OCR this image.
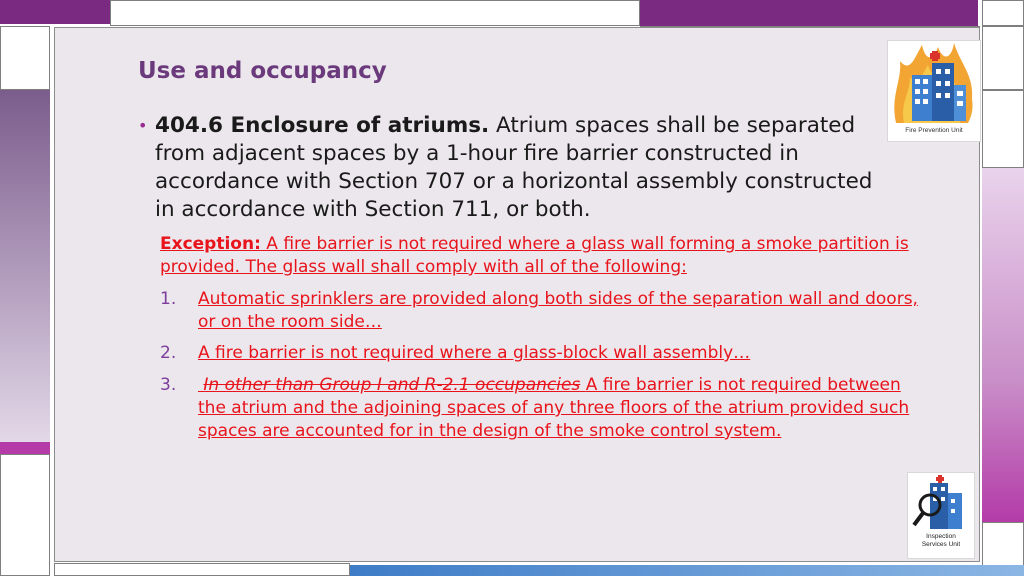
Use and occupancy
• 404.6 Enclosure of atriums. Atrium spaces shall be separated from adjacent spaces by a 1-hour fire barrier constructed in accordance with Section 707 or a horizontal assembly constructed in accordance with Section 711, or both.
Exception: A fire barrier is not required where a glass wall forming a smoke partition is provided. The glass wall shall comply with all of the following:
1.	Automatic sprinklers are provided along both sides of the separation wall and doors, or on the room side…
2.	A fire barrier is not required where a glass-block wall assembly…
3.	In other than Group I and R-2.1 occupancies A fire barrier is not required between the atrium and the adjoining spaces of any three floors of the atrium provided such spaces are accounted for in the design of the smoke control system.
Fire Prevention Unit
Inspection
Services Unit
